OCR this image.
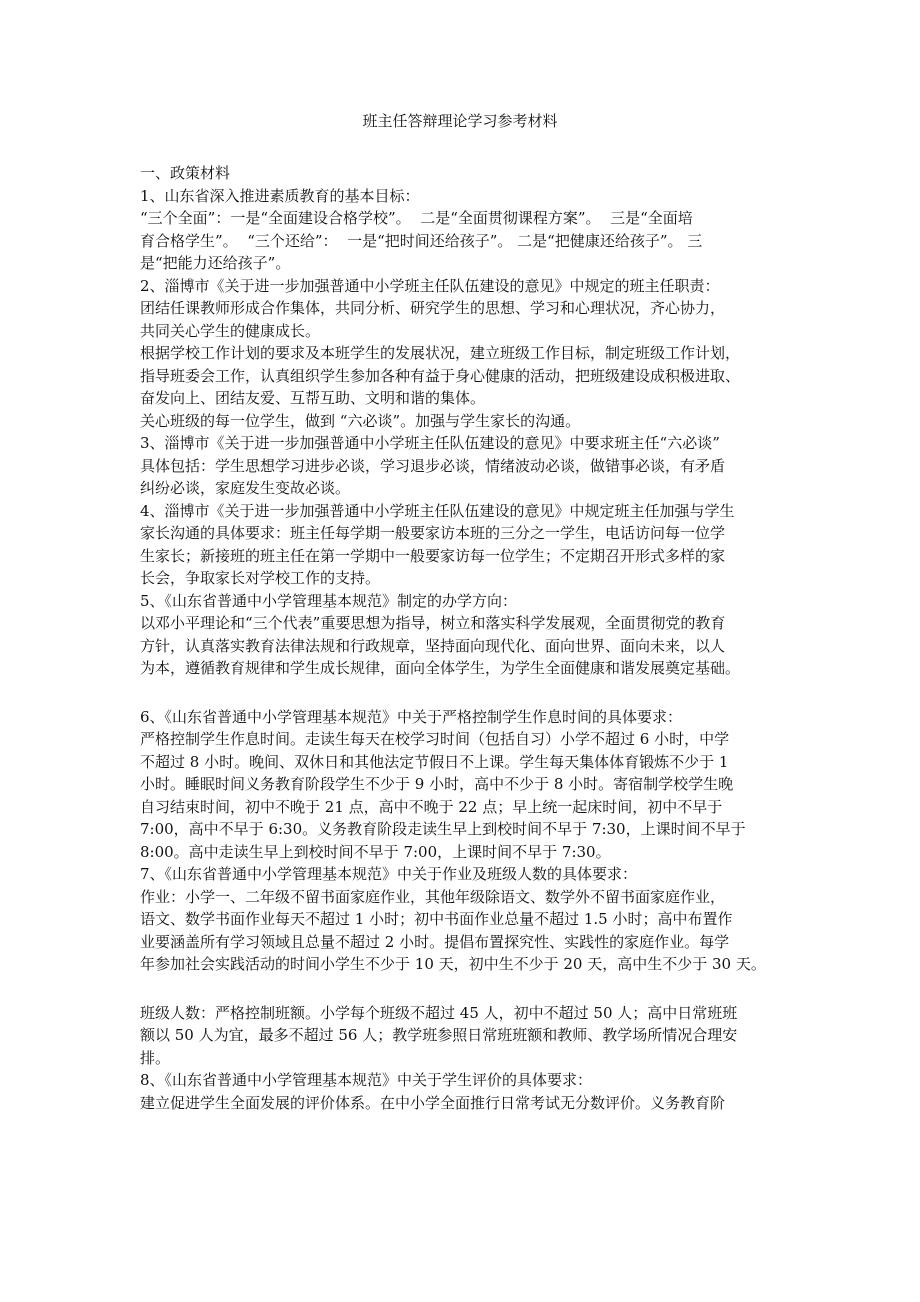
班主任答辩理论学习参考材料
一、政策材料
1、山东省深入推进素质教育的基本目标：
“三个全面”：一是“全面建设合格学校”。  二是“全面贯彻课程方案”。  三是“全面培
育合格学生”。  “三个还给”：  一是“把时间还给孩子”。 二是“把健康还给孩子”。 三
是“把能力还给孩子”。
2、淄博市《关于进一步加强普通中小学班主任队伍建设的意见》中规定的班主任职责：
团结任课教师形成合作集体，共同分析、研究学生的思想、学习和心理状况，齐心协力，
共同关心学生的健康成长。
根据学校工作计划的要求及本班学生的发展状况，建立班级工作目标，制定班级工作计划，
指导班委会工作，认真组织学生参加各种有益于身心健康的活动，把班级建设成积极进取、
奋发向上、团结友爱、互帮互助、文明和谐的集体。
关心班级的每一位学生，做到 “六必谈”。加强与学生家长的沟通。
3、淄博市《关于进一步加强普通中小学班主任队伍建设的意见》中要求班主任“六必谈”
具体包括：学生思想学习进步必谈，学习退步必谈，情绪波动必谈，做错事必谈，有矛盾
纠纷必谈，家庭发生变故必谈。
4、淄博市《关于进一步加强普通中小学班主任队伍建设的意见》中规定班主任加强与学生
家长沟通的具体要求：班主任每学期一般要家访本班的三分之一学生，电话访问每一位学
生家长；新接班的班主任在第一学期中一般要家访每一位学生；不定期召开形式多样的家
长会，争取家长对学校工作的支持。
5、《山东省普通中小学管理基本规范》制定的办学方向：
以邓小平理论和“三个代表”重要思想为指导，树立和落实科学发展观，全面贯彻党的教育
方针，认真落实教育法律法规和行政规章，坚持面向现代化、面向世界、面向未来，以人
为本，遵循教育规律和学生成长规律，面向全体学生，为学生全面健康和谐发展奠定基础。
6、《山东省普通中小学管理基本规范》中关于严格控制学生作息时间的具体要求：
严格控制学生作息时间。走读生每天在校学习时间（包括自习）小学不超过 6 小时，中学
不超过 8 小时。晚间、双休日和其他法定节假日不上课。学生每天集体体育锻炼不少于 1
小时。睡眠时间义务教育阶段学生不少于 9 小时，高中不少于 8 小时。寄宿制学校学生晚
自习结束时间，初中不晚于 21 点，高中不晚于 22 点；早上统一起床时间，初中不早于
7:00，高中不早于 6:30。义务教育阶段走读生早上到校时间不早于 7:30，上课时间不早于
8:00。高中走读生早上到校时间不早于 7:00，上课时间不早于 7:30。
7、《山东省普通中小学管理基本规范》中关于作业及班级人数的具体要求：
作业：小学一、二年级不留书面家庭作业，其他年级除语文、数学外不留书面家庭作业，
语文、数学书面作业每天不超过 1 小时；初中书面作业总量不超过 1.5 小时；高中布置作
业要涵盖所有学习领域且总量不超过 2 小时。提倡布置探究性、实践性的家庭作业。每学
年参加社会实践活动的时间小学生不少于 10 天，初中生不少于 20 天，高中生不少于 30 天。
班级人数：严格控制班额。小学每个班级不超过 45 人，初中不超过 50 人；高中日常班班
额以 50 人为宜，最多不超过 56 人；教学班参照日常班班额和教师、教学场所情况合理安
排。
8、《山东省普通中小学管理基本规范》中关于学生评价的具体要求：
建立促进学生全面发展的评价体系。在中小学全面推行日常考试无分数评价。义务教育阶
